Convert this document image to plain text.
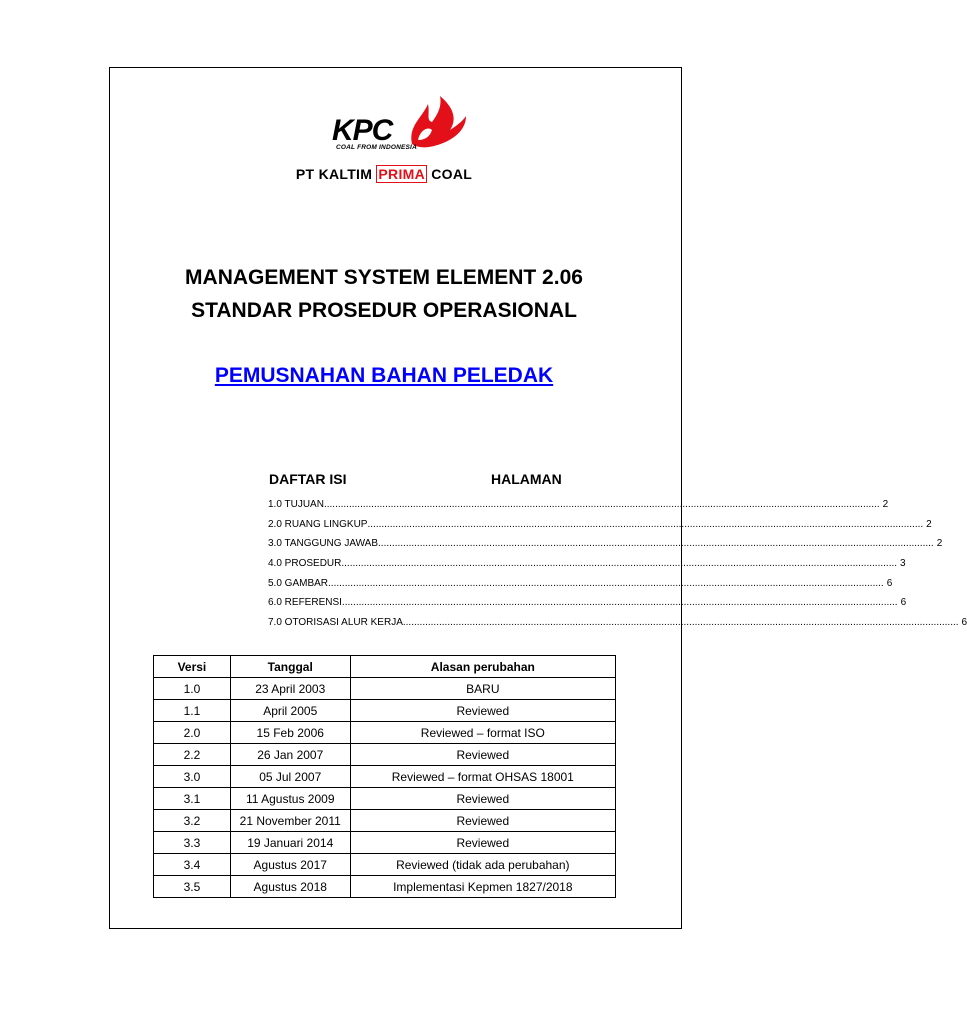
KPC
COAL FROM INDONESIA
PT KALTIM PRIMA COAL
MANAGEMENT SYSTEM ELEMENT 2.06
STANDAR PROSEDUR OPERASIONAL
PEMUSNAHAN BAHAN PELEDAK
DAFTAR ISI	HALAMAN
1.0 TUJUAN ........................................................................................................................................................................................................ 2
2.0 RUANG LINGKUP ........................................................................................................................................................................................................ 2
3.0 TANGGUNG JAWAB ........................................................................................................................................................................................................ 2
4.0 PROSEDUR ........................................................................................................................................................................................................ 3
5.0 GAMBAR ........................................................................................................................................................................................................ 6
6.0 REFERENSI ........................................................................................................................................................................................................ 6
7.0 OTORISASI ALUR KERJA ........................................................................................................................................................................................................ 6
Versi	Tanggal	Alasan perubahan
1.0	23 April 2003	BARU
1.1	April 2005	Reviewed
2.0	15 Feb 2006	Reviewed – format ISO
2.2	26 Jan 2007	Reviewed
3.0	05 Jul 2007	Reviewed – format OHSAS 18001
3.1	11 Agustus 2009	Reviewed
3.2	21 November 2011	Reviewed
3.3	19 Januari 2014	Reviewed
3.4	Agustus 2017	Reviewed (tidak ada perubahan)
3.5	Agustus 2018	Implementasi Kepmen 1827/2018
